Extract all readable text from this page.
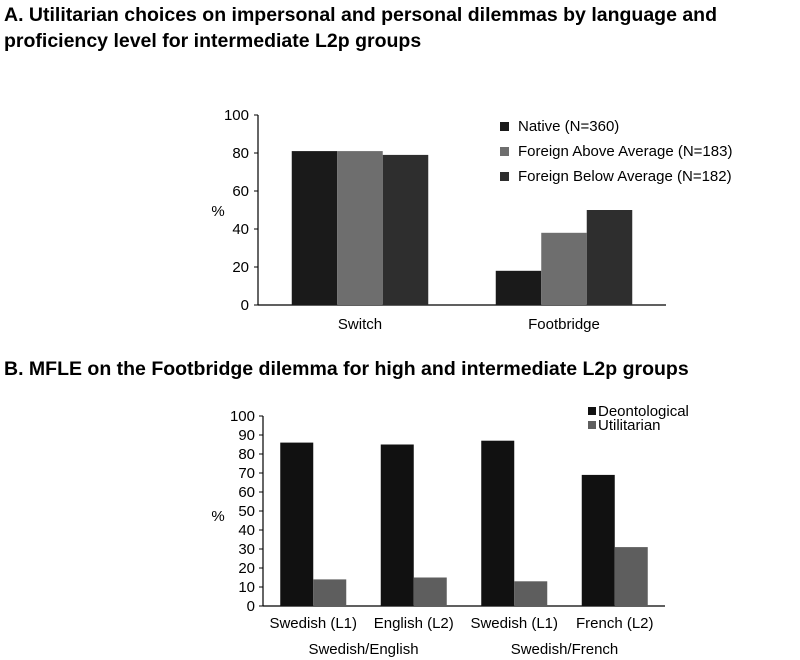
A. Utilitarian choices on impersonal and personal dilemmas by language and proficiency level for intermediate L2p groups
0
20
40
60
80
100
%
Switch	Footbridge
Native (N=360)
Foreign Above Average (N=183)
Foreign Below Average (N=182)
B. MFLE on the Footbridge dilemma for high and intermediate L2p groups
0
10
20
30
40
50
60
70
80
90
100
%
Swedish (L1) English (L2) Swedish (L1) French (L2)
Swedish/English	Swedish/French
Deontological
Utilitarian
